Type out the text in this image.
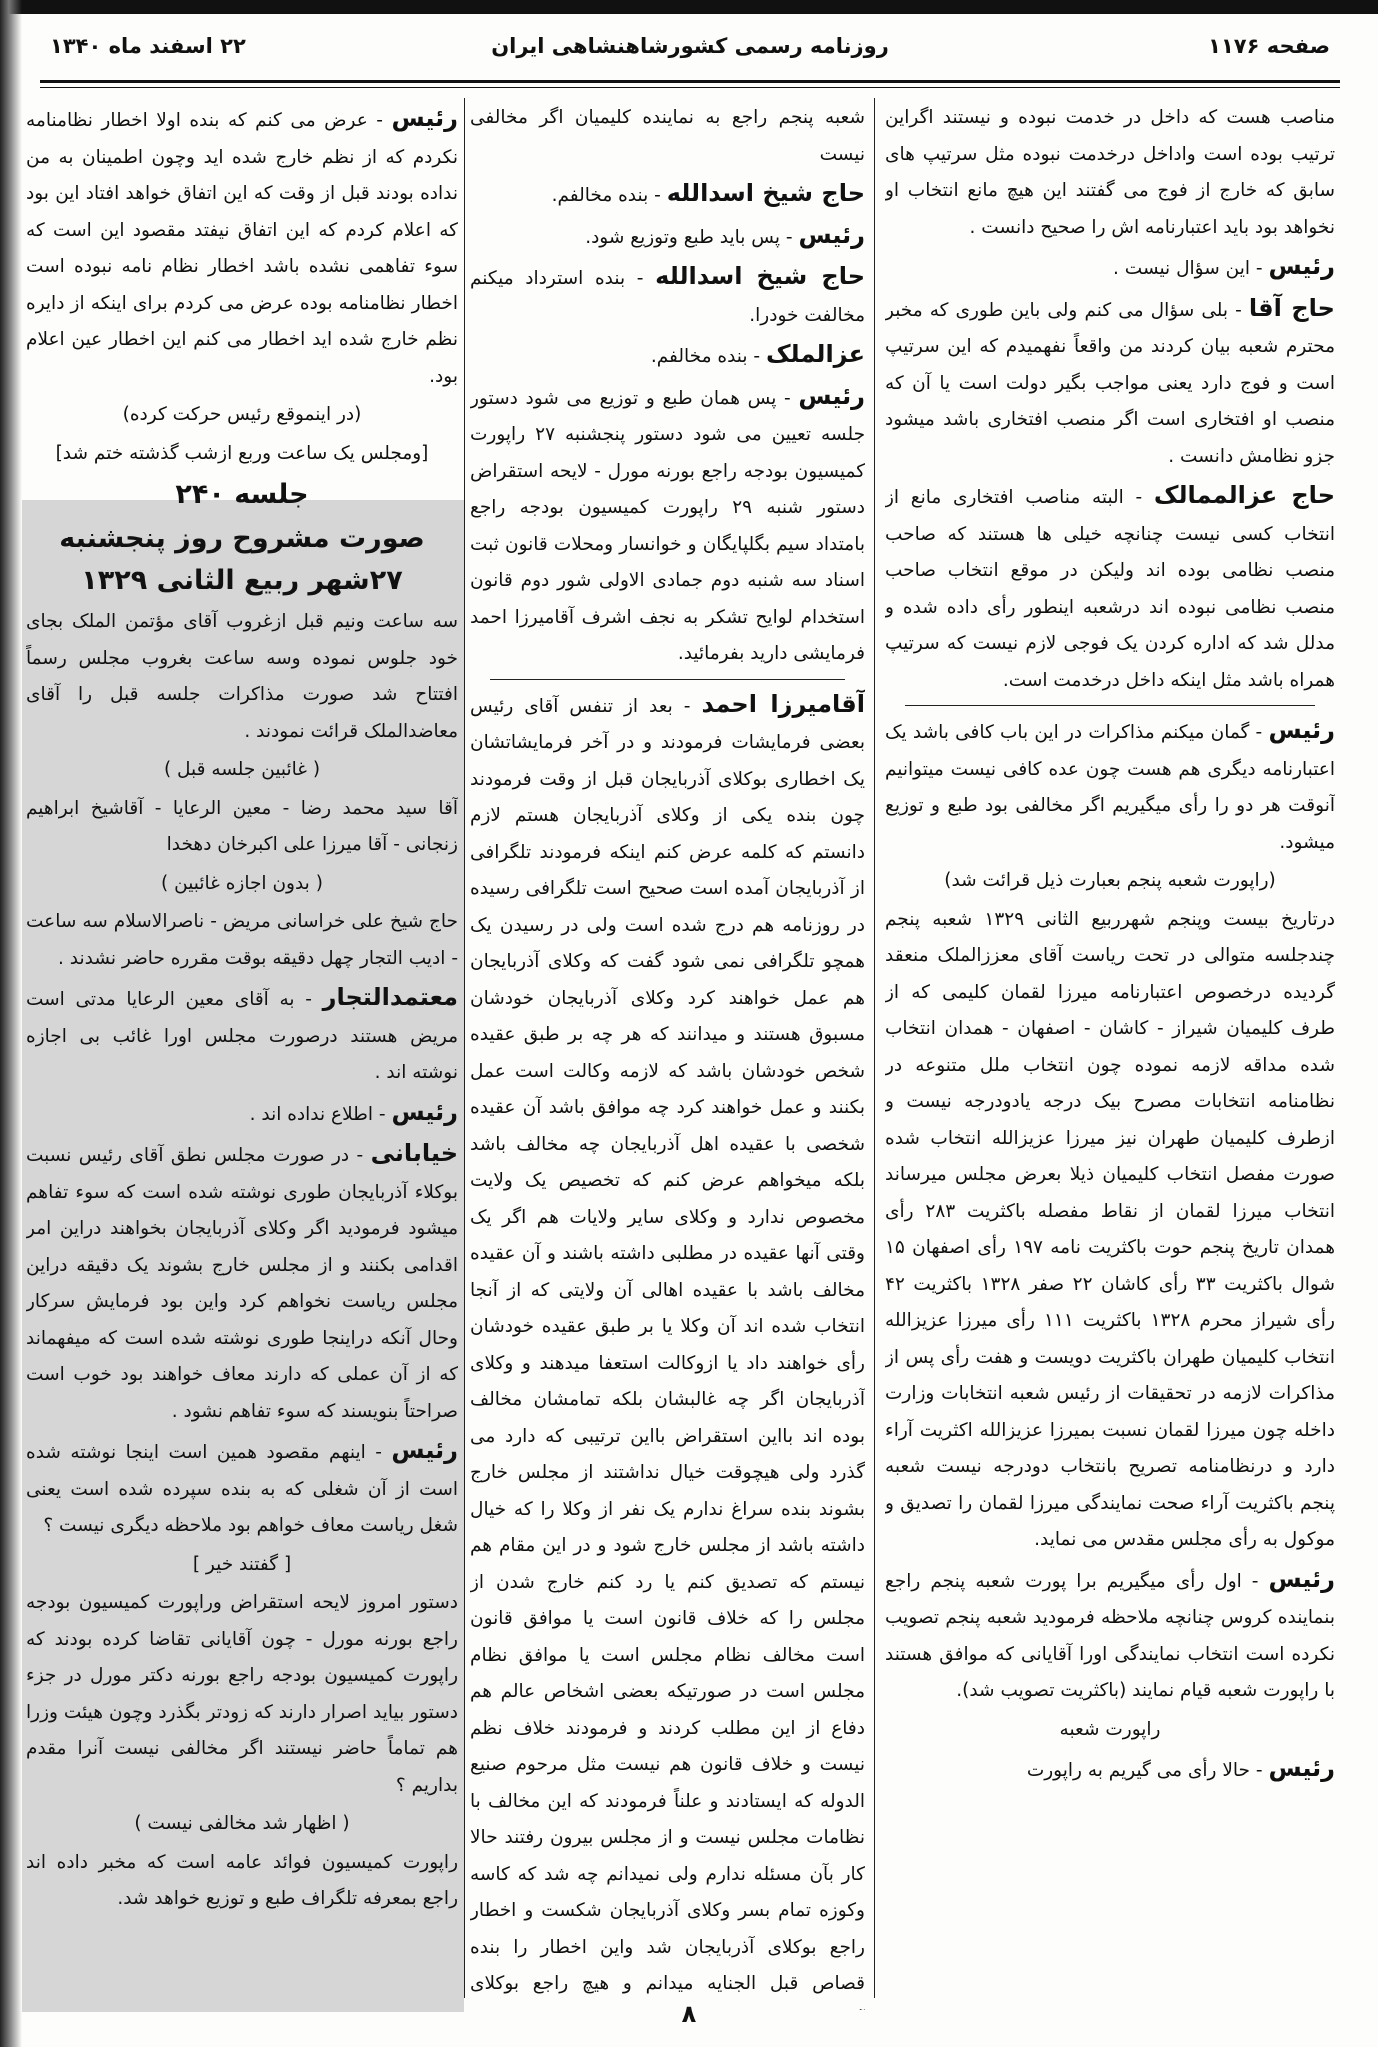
صفحه ۱۱۷۶
روزنامه رسمی کشورشاهنشاهی ایران
۲۲ اسفند ماه ۱۳۴۰

مناصب هست که داخل در خدمت نبوده و نیستند اگراین ترتیب بوده است واداخل درخدمت نبوده مثل سرتیپ های سابق که خارج از فوج می گفتند این هیچ مانع انتخاب او نخواهد بود باید اعتبارنامه اش را صحیح دانست .

رئیس - این سؤال نیست .

حاج آقا - بلی سؤال می کنم ولی باین طوری که مخبر محترم شعبه بیان کردند من واقعاً نفهمیدم که این سرتیپ است و فوج دارد یعنی مواجب بگیر دولت است یا آن که منصب او افتخاری است اگر منصب افتخاری باشد میشود جزو نظامش دانست .

حاج عزالممالک - البته مناصب افتخاری مانع از انتخاب کسی نیست چنانچه خیلی ها هستند که صاحب منصب نظامی بوده اند ولیکن در موقع انتخاب صاحب منصب نظامی نبوده اند درشعبه اینطور رأی داده شده و مدلل شد که اداره کردن یک فوجی لازم نیست که سرتیپ همراه باشد مثل اینکه داخل درخدمت است.

رئیس - گمان میکنم مذاکرات در این باب کافی باشد یک اعتبارنامه دیگری هم هست چون عده کافی نیست میتوانیم آنوقت هر دو را رأی میگیریم اگر مخالفی بود طبع و توزیع میشود.

(راپورت شعبه پنجم بعبارت ذیل قرائت شد)

درتاریخ بیست وپنجم شهرربیع الثانی ۱۳۲۹ شعبه پنجم چندجلسه متوالی در تحت ریاست آقای معززالملک منعقد گردیده درخصوص اعتبارنامه میرزا لقمان کلیمی که از طرف کلیمیان شیراز - کاشان - اصفهان - همدان انتخاب شده مداقه لازمه نموده چون انتخاب ملل متنوعه در نظامنامه انتخابات مصرح بیک درجه یادودرجه نیست و ازطرف کلیمیان طهران نیز میرزا عزیزالله انتخاب شده صورت مفصل انتخاب کلیمیان ذیلا بعرض مجلس میرساند انتخاب میرزا لقمان از نقاط مفصله باکثریت ۲۸۳ رأی همدان تاریخ پنجم حوت باکثریت نامه ۱۹۷ رأی اصفهان ۱۵ شوال باکثریت ۳۳ رأی کاشان ۲۲ صفر ۱۳۲۸ باکثریت ۴۲ رأی شیراز محرم ۱۳۲۸ باکثریت ۱۱۱ رأی میرزا عزیزالله انتخاب کلیمیان طهران باکثریت دویست و هفت رأی پس از مذاکرات لازمه در تحقیقات از رئیس شعبه انتخابات وزارت داخله چون میرزا لقمان نسبت بمیرزا عزیزالله اکثریت آراء دارد و درنظامنامه تصریح بانتخاب دودرجه نیست شعبه پنجم باکثریت آراء صحت نمایندگی میرزا لقمان را تصدیق و موکول به رأی مجلس مقدس می نماید.

رئیس - اول رأی میگیریم برا پورت شعبه پنجم راجع بنماینده کروس چنانچه ملاحظه فرمودید شعبه پنجم تصویب نکرده است انتخاب نمایندگی اورا آقایانی که موافق هستند با راپورت شعبه قیام نمایند (باکثریت تصویب شد).

راپورت شعبه

رئیس - حالا رأی می گیریم به راپورت

شعبه پنجم راجع به نماینده کلیمیان اگر مخالفی نیست

حاج شیخ اسدالله - بنده مخالفم.

رئیس - پس باید طبع وتوزیع شود.

حاج شیخ اسدالله - بنده استرداد میکنم مخالفت خودرا.

عزالملک - بنده مخالفم.

رئیس - پس همان طبع و توزیع می شود دستور جلسه تعیین می شود دستور پنجشنبه ۲۷ راپورت کمیسیون بودجه راجع بورنه مورل - لایحه استقراض دستور شنبه ۲۹ راپورت کمیسیون بودجه راجع بامتداد سیم بگلپایگان و خوانسار ومحلات قانون ثبت اسناد سه شنبه دوم جمادی الاولی شور دوم قانون استخدام لوایح تشکر به نجف اشرف آقامیرزا احمد فرمایشی دارید بفرمائید.

آقامیرزا احمد - بعد از تنفس آقای رئیس بعضی فرمایشات فرمودند و در آخر فرمایشاتشان یک اخطاری بوکلای آذربایجان قبل از وقت فرمودند چون بنده یکی از وکلای آذربایجان هستم لازم دانستم که کلمه عرض کنم اینکه فرمودند تلگرافی از آذربایجان آمده است صحیح است تلگرافی رسیده در روزنامه هم درج شده است ولی در رسیدن یک همچو تلگرافی نمی شود گفت که وکلای آذربایجان هم عمل خواهند کرد وکلای آذربایجان خودشان مسبوق هستند و میدانند که هر چه بر طبق عقیده شخص خودشان باشد که لازمه وکالت است عمل بکنند و عمل خواهند کرد چه موافق باشد آن عقیده شخصی با عقیده اهل آذربایجان چه مخالف باشد بلکه میخواهم عرض کنم که تخصیص یک ولایت مخصوص ندارد و وکلای سایر ولایات هم اگر یک وقتی آنها عقیده در مطلبی داشته باشند و آن عقیده مخالف باشد با عقیده اهالی آن ولایتی که از آنجا انتخاب شده اند آن وکلا یا بر طبق عقیده خودشان رأی خواهند داد یا ازوکالت استعفا میدهند و وکلای آذربایجان اگر چه غالبشان بلکه تمامشان مخالف بوده اند بااین استقراض بااین ترتیبی که دارد می گذرد ولی هیچوقت خیال نداشتند از مجلس خارج بشوند بنده سراغ ندارم یک نفر از وکلا را که خیال داشته باشد از مجلس خارج شود و در این مقام هم نیستم که تصدیق کنم یا رد کنم خارج شدن از مجلس را که خلاف قانون است یا موافق قانون است مخالف نظام مجلس است یا موافق نظام مجلس است در صورتیکه بعضی اشخاص عالم هم دفاع از این مطلب کردند و فرمودند خلاف نظم نیست و خلاف قانون هم نیست مثل مرحوم صنیع الدوله که ایستادند و علناً فرمودند که این مخالف با نظامات مجلس نیست و از مجلس بیرون رفتند حالا کار بآن مسئله ندارم ولی نمیدانم چه شد که کاسه وکوزه تمام بسر وکلای آذربایجان شکست و اخطار راجع بوکلای آذربایجان شد واین اخطار را بنده قصاص قبل الجنایه میدانم و هیچ راجع بوکلای

رئیس - عرض می کنم که بنده اولا اخطار نظامنامه نکردم که از نظم خارج شده اید وچون اطمینان به من نداده بودند قبل از وقت که این اتفاق خواهد افتاد این بود که اعلام کردم که این اتفاق نیفتد مقصود این است که سوء تفاهمی نشده باشد اخطار نظام نامه نبوده است اخطار نظامنامه بوده عرض می کردم برای اینکه از دایره نظم خارج شده اید اخطار می کنم این اخطار عین اعلام بود.

(در اینموقع رئیس حرکت کرده)

[ومجلس یک ساعت وربع ازشب گذشته ختم شد]

جلسه ۲۴۰

صورت مشروح روز پنجشنبه ۲۷شهر ربیع الثانی ۱۳۲۹

سه ساعت ونیم قبل ازغروب آقای مؤتمن الملک بجای خود جلوس نموده وسه ساعت بغروب مجلس رسماً افتتاح شد صورت مذاکرات جلسه قبل را آقای معاضدالملک قرائت نمودند .

( غائبین جلسه قبل )

آقا سید محمد رضا - معین الرعایا - آقاشیخ ابراهیم زنجانی - آقا میرزا علی اکبرخان دهخدا

( بدون اجازه غائبین )

حاج شیخ علی خراسانی مریض - ناصرالاسلام سه ساعت - ادیب التجار چهل دقیقه بوقت مقرره حاضر نشدند .

معتمدالتجار - به آقای معین الرعایا مدتی است مریض هستند درصورت مجلس اورا غائب بی اجازه نوشته اند .

رئیس - اطلاع نداده اند .

خیابانی - در صورت مجلس نطق آقای رئیس نسبت بوکلاء آذربایجان طوری نوشته شده است که سوء تفاهم میشود فرمودید اگر وکلای آذربایجان بخواهند دراین امر اقدامی بکنند و از مجلس خارج بشوند یک دقیقه دراین مجلس ریاست نخواهم کرد واین بود فرمایش سرکار وحال آنکه دراینجا طوری نوشته شده است که میفهماند که از آن عملی که دارند معاف خواهند بود خوب است صراحتاً بنویسند که سوء تفاهم نشود .

رئیس - اینهم مقصود همین است اینجا نوشته شده است از آن شغلی که به بنده سپرده شده است یعنی شغل ریاست معاف خواهم بود ملاحظه دیگری نیست ؟

[ گفتند خیر ]

دستور امروز لایحه استقراض وراپورت کمیسیون بودجه راجع بورنه مورل - چون آقایانی تقاضا کرده بودند که راپورت کمیسیون بودجه راجع بورنه دکتر مورل در جزء دستور بیاید اصرار دارند که زودتر بگذرد وچون هیئت وزرا هم تماماً حاضر نیستند اگر مخالفی نیست آنرا مقدم بداریم ؟

( اظهار شد مخالفی نیست )

راپورت کمیسیون فوائد عامه است که مخبر داده اند راجع بمعرفه تلگراف طبع و توزیع خواهد شد.

۸
